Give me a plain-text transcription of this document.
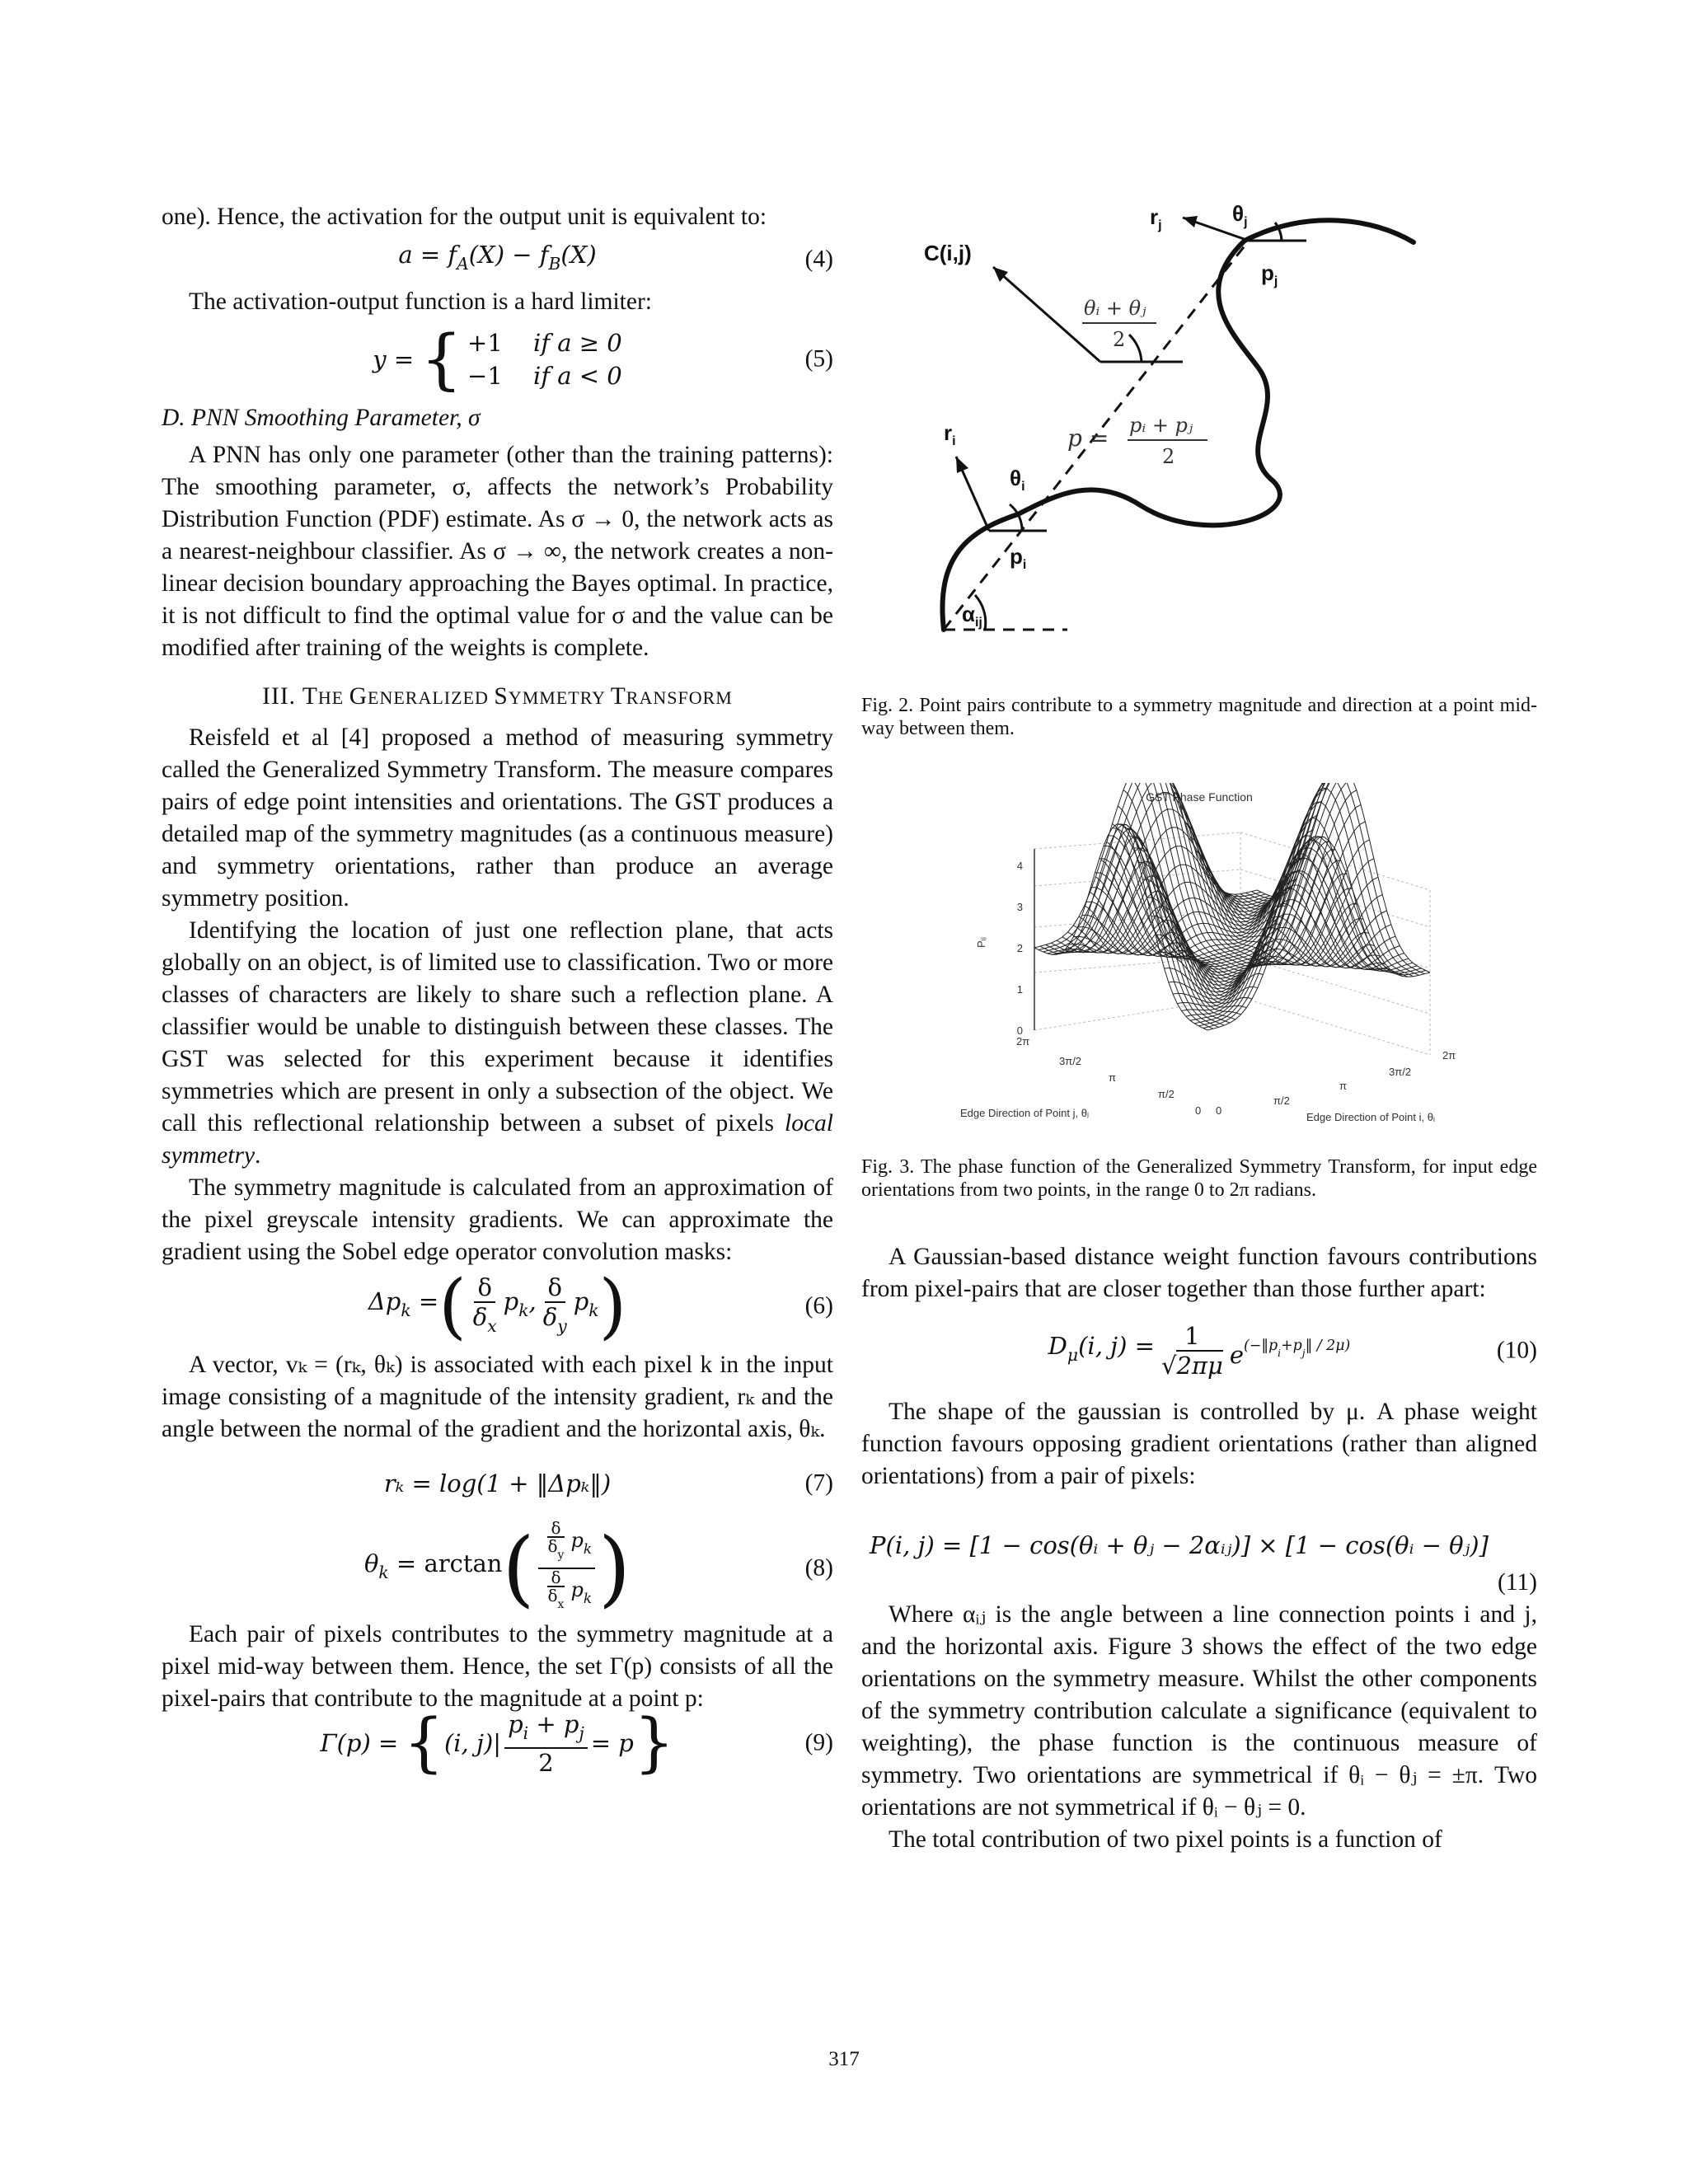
one). Hence, the activation for the output unit is equivalent to:

$a = f_A(X) - f_B(X)$	(4)

The activation-output function is a hard limiter:

y = { +1 if a ≥ 0
−1 if a < 0
(5)
D. PNN Smoothing Parameter, σ

A PNN has only one parameter (other than the training patterns): The smoothing parameter, σ, affects the network’s Probability Distribution Function (PDF) estimate. As σ → 0, the network acts as a nearest-neighbour classifier. As σ → ∞, the network creates a non-linear decision boundary approaching the Bayes optimal. In practice, it is not difficult to find the optimal value for σ and the value can be modified after training of the weights is complete.

III. THE GENERALIZED SYMMETRY TRANSFORM

Reisfeld et al [4] proposed a method of measuring symmetry called the Generalized Symmetry Transform. The measure compares pairs of edge point intensities and orientations. The GST produces a detailed map of the symmetry magnitudes (as a continuous measure) and symmetry orientations, rather than produce an average symmetry position.

Identifying the location of just one reflection plane, that acts globally on an object, is of limited use to classification. Two or more classes of characters are likely to share such a reflection plane. A classifier would be unable to distinguish between these classes. The GST was selected for this experiment because it identifies symmetries which are present in only a subsection of the object. We call this reflectional relationship between a subset of pixels local symmetry.

The symmetry magnitude is calculated from an approximation of the pixel greyscale intensity gradients. We can approximate the gradient using the Sobel edge operator convolution masks:

$\Delta p_k$ = ( $\frac{\delta}{\delta_x} p_k$, $\frac{\delta}{\delta_y} p_k$ )	(6)

A vector, vₖ = (rₖ, θₖ) is associated with each pixel k in the input image consisting of a magnitude of the intensity gradient, rₖ and the angle between the normal of the gradient and the horizontal axis, θₖ.

rₖ = log(1 + ‖Δpₖ‖)	(7)
$\theta_k = \arctan$ ( $\frac{\frac{\delta}{\delta_y} p_k}{\frac{\delta}{\delta_x} p_k}$ )	(8)

Each pair of pixels contributes to the symmetry magnitude at a pixel mid-way between them. Hence, the set Γ(p) consists of all the pixel-pairs that contribute to the magnitude at a point p:

Γ(p) = { (i, $j)| \frac{p_i + p_j}{2} = p$ }	(9)
C(i,j)
$r_j$	$\theta_j$
$p_j$
$r_i$
$\theta_i$
$p_i$
$\alpha_{ij}$
θᵢ + θⱼ
2
p = pᵢ + pⱼ
2

Fig. 2. Point pairs contribute to a symmetry magnitude and direction at a point mid-way between them.

GST Phase Function
0
1
2
3
4
Pᵢⱼ
2π
3π/2
π
π/2
0 0
π/2
π
3π/2
2π
Edge Direction of Point j, θⱼ	Edge Direction of Point i, θᵢ

Fig. 3. The phase function of the Generalized Symmetry Transform, for input edge orientations from two points, in the range 0 to 2π radians.

A Gaussian-based distance weight function favours contributions from pixel-pairs that are closer together than those further apart:

$D_\mu(i$, $j) = \frac{1}{√2\pi\mu} e^{(-‖p_i+p_j‖ / 2\mu)}$	(10)

The shape of the gaussian is controlled by μ. A phase weight function favours opposing gradient orientations (rather than aligned orientations) from a pair of pixels:

P(i, j) = [1 − cos(θᵢ + θⱼ − 2αᵢⱼ)] × [1 − cos(θᵢ − θⱼ)]
(11)

Where αᵢⱼ is the angle between a line connection points i and j, and the horizontal axis. Figure 3 shows the effect of the two edge orientations on the symmetry measure. Whilst the other components of the symmetry contribution calculate a significance (equivalent to weighting), the phase function is the continuous measure of symmetry. Two orientations are symmetrical if θᵢ − θⱼ = ±π. Two orientations are not symmetrical if θᵢ − θⱼ = 0.

The total contribution of two pixel points is a function of

317
